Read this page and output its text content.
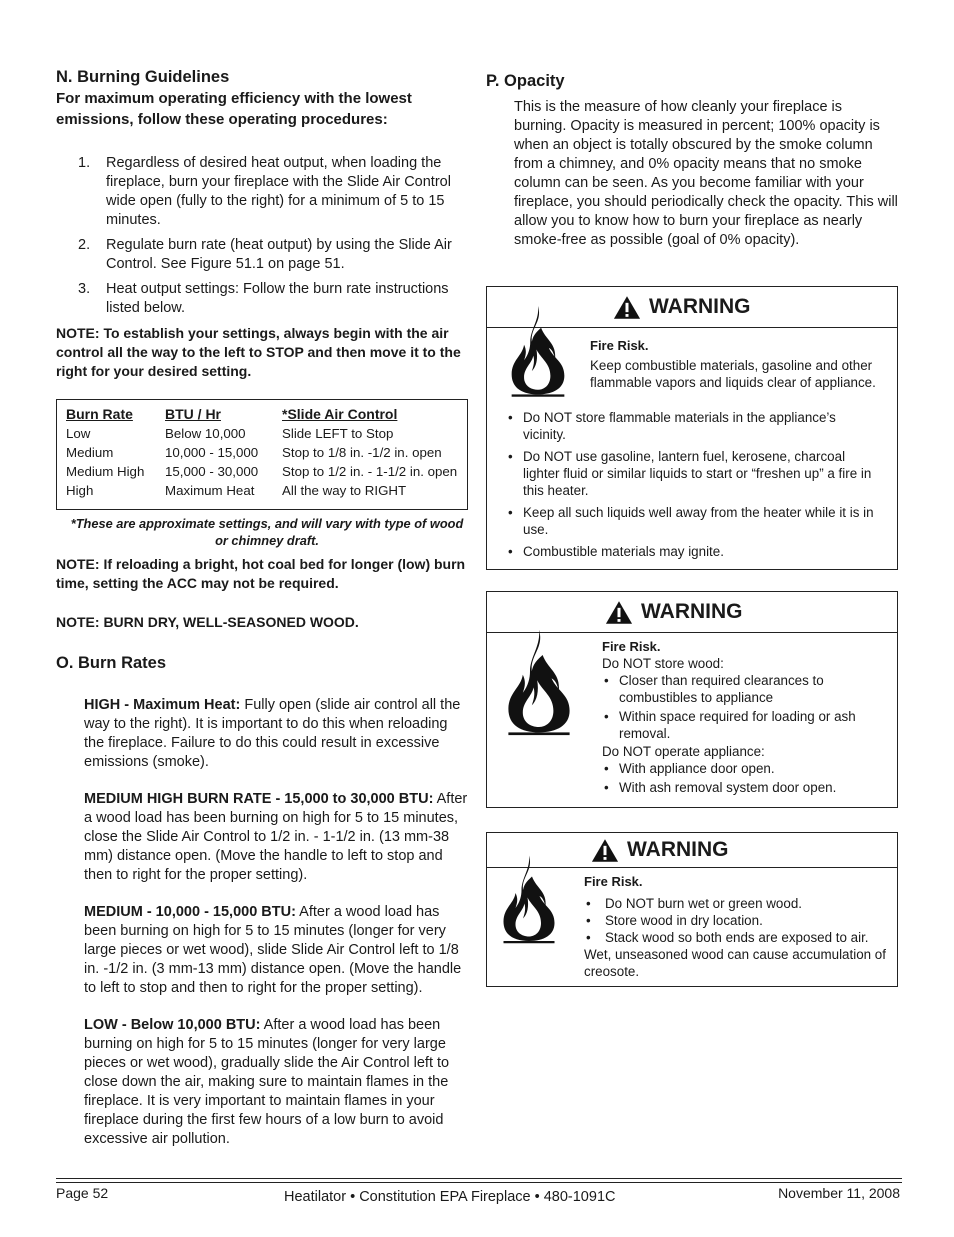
N. Burning Guidelines

For maximum operating efficiency with the lowest emissions, follow these operating procedures:

1. Regardless of desired heat output, when loading the fireplace, burn your fireplace with the Slide Air Control wide open (fully to the right) for a minimum of 5 to 15 minutes.
2. Regulate burn rate (heat output) by using the Slide Air Control. See Figure 51.1 on page 51.
3. Heat output settings: Follow the burn rate instructions listed below.

NOTE: To establish your settings, always begin with the air control all the way to the left to STOP and then move it to the right for your desired setting.

Burn Rate	BTU / Hr	*Slide Air Control
Low	Below 10,000	Slide LEFT to Stop
Medium	10,000 - 15,000	Stop to 1/8 in. -1/2 in. open
Medium High	15,000 - 30,000	Stop to 1/2 in. - 1-1/2 in. open
High	Maximum Heat	All the way to RIGHT

*These are approximate settings, and will vary with type of wood or chimney draft.

NOTE: If reloading a bright, hot coal bed for longer (low) burn time, setting the ACC may not be required.

NOTE: BURN DRY, WELL-SEASONED WOOD.

O. Burn Rates

HIGH - Maximum Heat: Fully open (slide air control all the way to the right). It is important to do this when reloading the fireplace. Failure to do this could result in excessive emissions (smoke).

MEDIUM HIGH BURN RATE - 15,000 to 30,000 BTU: After a wood load has been burning on high for 5 to 15 minutes, close the Slide Air Control to 1/2 in. - 1-1/2 in. (13 mm-38 mm) distance open. (Move the handle to left to stop and then to right for the proper setting).

MEDIUM - 10,000 - 15,000 BTU: After a wood load has been burning on high for 5 to 15 minutes (longer for very large pieces or wet wood), slide Slide Air Control left to 1/8 in. -1/2 in. (3 mm-13 mm) distance open. (Move the handle to left to stop and then to right for the proper setting).

LOW - Below 10,000 BTU: After a wood load has been burning on high for 5 to 15 minutes (longer for very large pieces or wet wood), gradually slide the Air Control left to close down the air, making sure to maintain flames in the fireplace. It is very important to maintain flames in your fireplace during the first few hours of a low burn to avoid excessive air pollution.

P. Opacity

This is the measure of how cleanly your fireplace is burning. Opacity is measured in percent; 100% opacity is when an object is totally obscured by the smoke column from a chimney, and 0% opacity means that no smoke column can be seen. As you become familiar with your fireplace, you should periodically check the opacity. This will allow you to know how to burn your fireplace as nearly smoke-free as possible (goal of 0% opacity).

WARNING
Fire Risk.
Keep combustible materials, gasoline and other flammable vapors and liquids clear of appliance.
• Do NOT store flammable materials in the appliance’s vicinity.
• Do NOT use gasoline, lantern fuel, kerosene, charcoal lighter fluid or similar liquids to start or “freshen up” a fire in this heater.
• Keep all such liquids well away from the heater while it is in use.
• Combustible materials may ignite.
WARNING
Fire Risk.
Do NOT store wood:
• Closer than required clearances to combustibles to appliance
• Within space required for loading or ash removal.
Do NOT operate appliance:
• With appliance door open.
• With ash removal system door open.
WARNING
Fire Risk.
• Do NOT burn wet or green wood.
• Store wood in dry location.
• Stack wood so both ends are exposed to air.
Wet, unseasoned wood can cause accumulation of creosote.
Page 52	Heatilator • Constitution EPA Fireplace • 480-1091C	November 11, 2008
